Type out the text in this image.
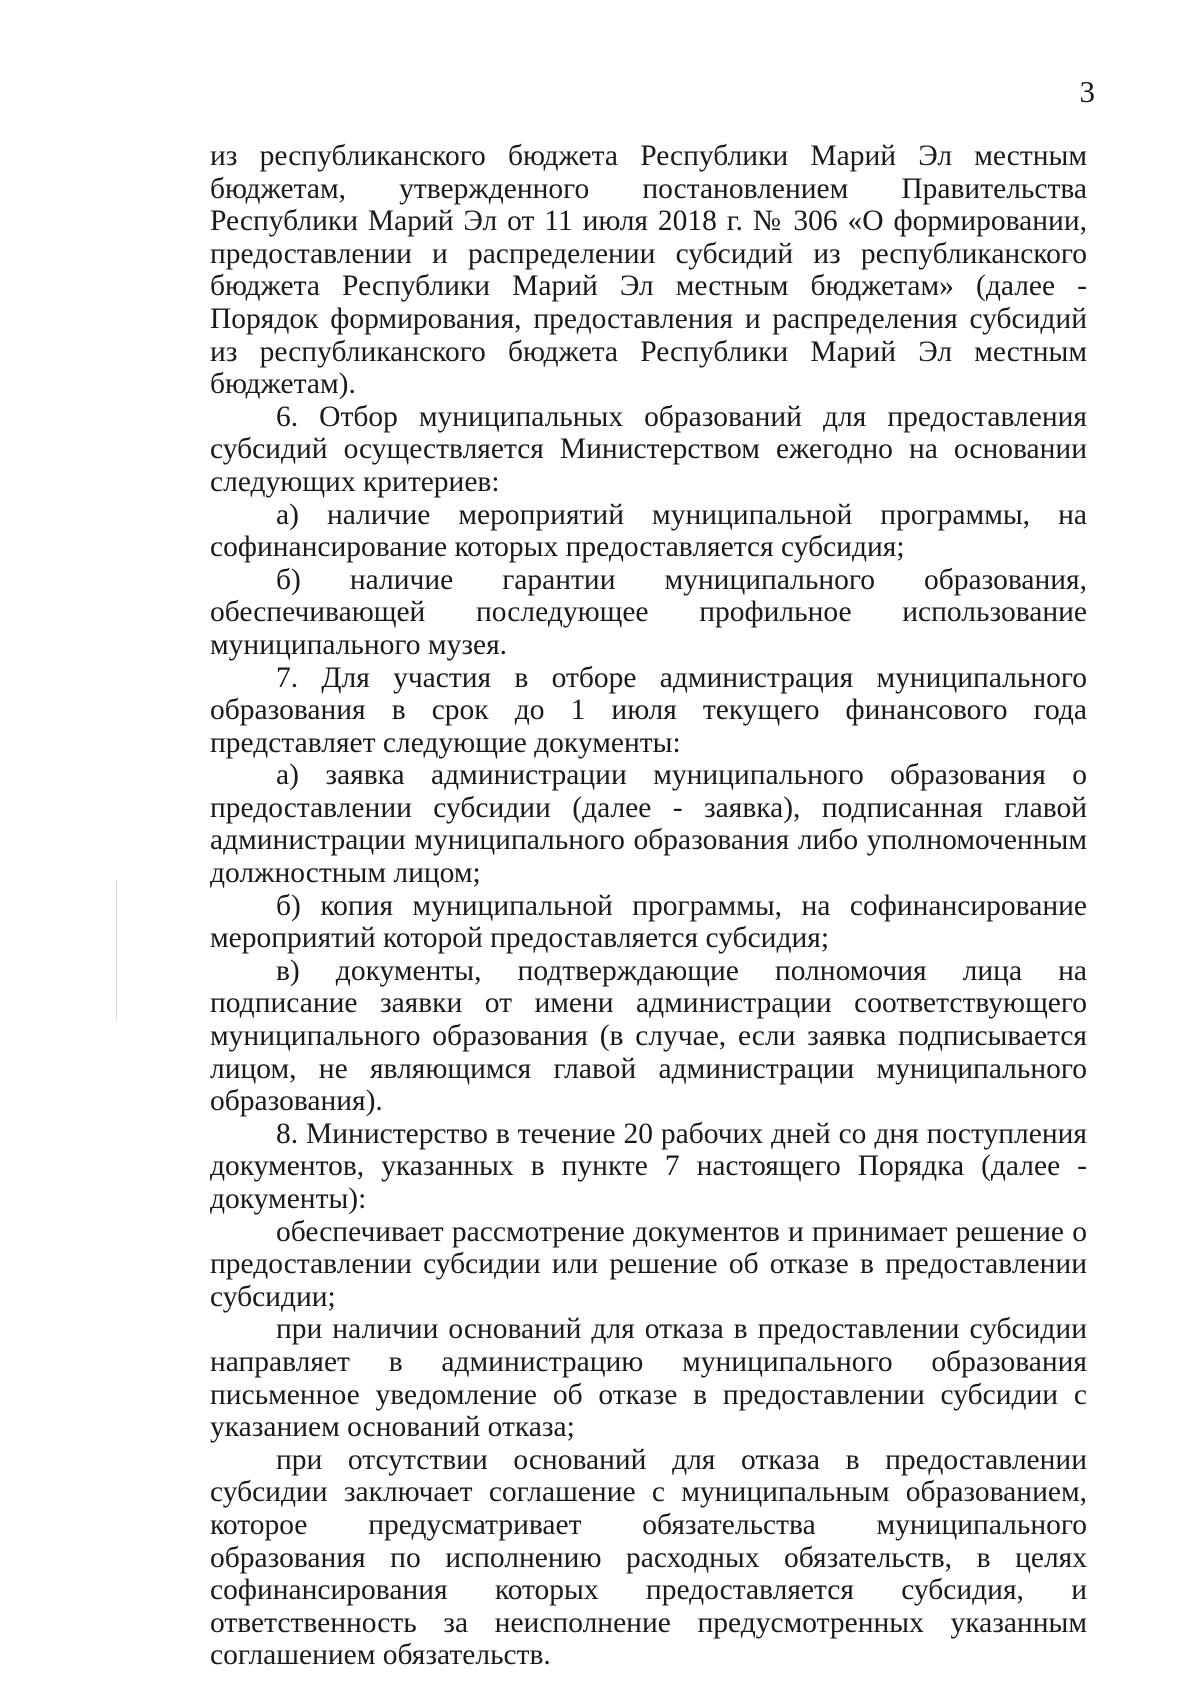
3

из республиканского бюджета Республики Марий Эл местным бюджетам, утвержденного постановлением Правительства Республики Марий Эл от 11 июля 2018 г. № 306 «О формировании, предоставлении и распределении субсидий из республиканского бюджета Республики Марий Эл местным бюджетам» (далее - Порядок формирования, предоставления и распределения субсидий из республиканского бюджета Республики Марий Эл местным бюджетам).

6. Отбор муниципальных образований для предоставления субсидий осуществляется Министерством ежегодно на основании следующих критериев:

а) наличие мероприятий муниципальной программы, на софинансирование которых предоставляется субсидия;

б) наличие гарантии муниципального образования, обеспечивающей последующее профильное использование муниципального музея.

7. Для участия в отборе администрация муниципального образования в срок до 1 июля текущего финансового года представляет следующие документы:

а) заявка администрации муниципального образования о предоставлении субсидии (далее - заявка), подписанная главой администрации муниципального образования либо уполномоченным должностным лицом;

б) копия муниципальной программы, на софинансирование мероприятий которой предоставляется субсидия;

в) документы, подтверждающие полномочия лица на подписание заявки от имени администрации соответствующего муниципального образования (в случае, если заявка подписывается лицом, не являющимся главой администрации муниципального образования).

8. Министерство в течение 20 рабочих дней со дня поступления документов, указанных в пункте 7 настоящего Порядка (далее - документы):

обеспечивает рассмотрение документов и принимает решение о предоставлении субсидии или решение об отказе в предоставлении субсидии;

при наличии оснований для отказа в предоставлении субсидии направляет в администрацию муниципального образования письменное уведомление об отказе в предоставлении субсидии с указанием оснований отказа;

при отсутствии оснований для отказа в предоставлении субсидии заключает соглашение с муниципальным образованием, которое предусматривает обязательства муниципального образования по исполнению расходных обязательств, в целях софинансирования которых предоставляется субсидия, и ответственность за неисполнение предусмотренных указанным соглашением обязательств.
